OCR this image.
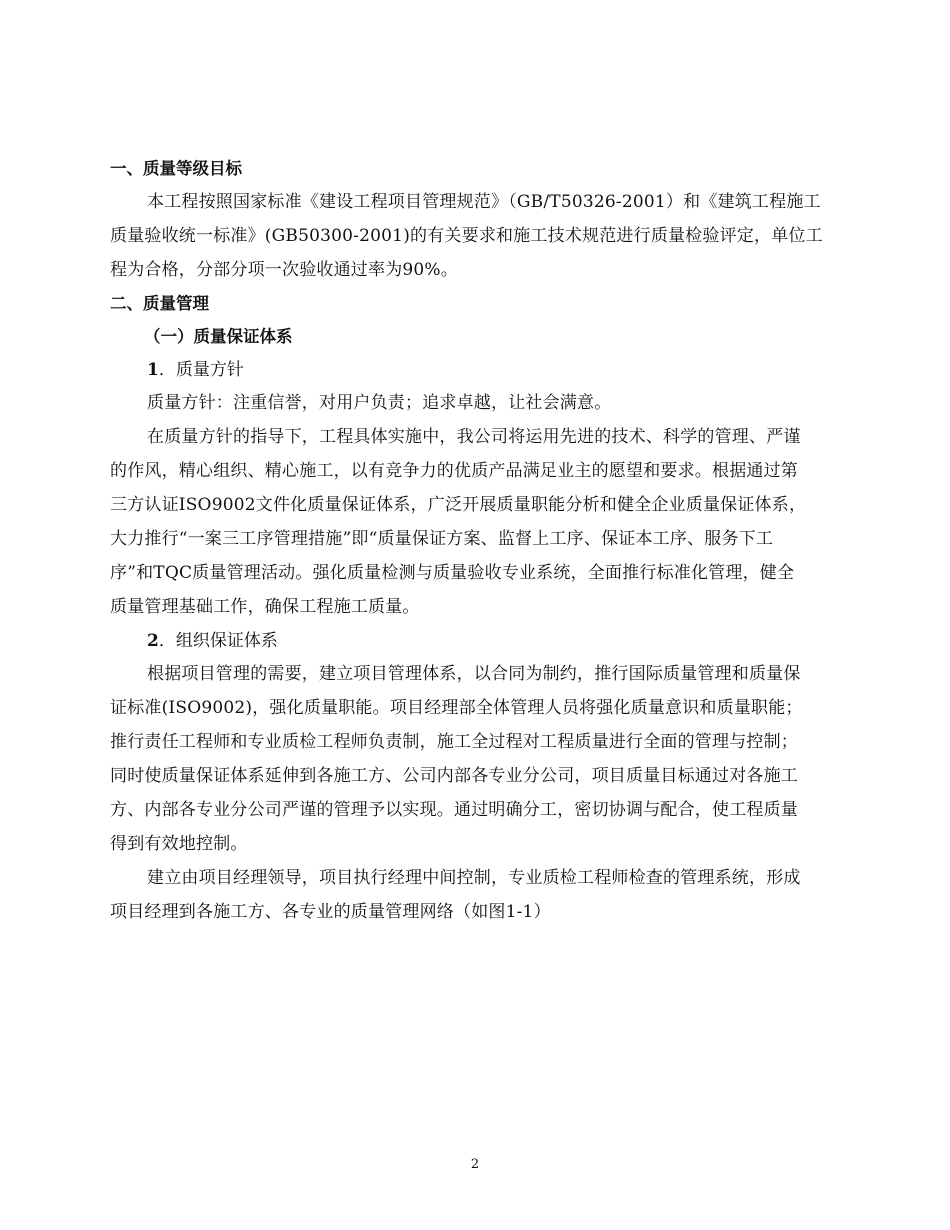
一、质量等级目标
本工程按照国家标准《建设工程项目管理规范》（GB/T50326-2001）和《建筑工程施工
质量验收统一标准》(GB50300-2001)的有关要求和施工技术规范进行质量检验评定，单位工
程为合格，分部分项一次验收通过率为90%。
二、质量管理
（一）质量保证体系
1．质量方针
质量方针：注重信誉，对用户负责；追求卓越，让社会满意。
在质量方针的指导下，工程具体实施中，我公司将运用先进的技术、科学的管理、严谨
的作风，精心组织、精心施工，以有竞争力的优质产品满足业主的愿望和要求。根据通过第
三方认证ISO9002文件化质量保证体系，广泛开展质量职能分析和健全企业质量保证体系，
大力推行“一案三工序管理措施”即“质量保证方案、监督上工序、保证本工序、服务下工
序”和TQC质量管理活动。强化质量检测与质量验收专业系统，全面推行标准化管理，健全
质量管理基础工作，确保工程施工质量。
2．组织保证体系
根据项目管理的需要，建立项目管理体系，以合同为制约，推行国际质量管理和质量保
证标准(ISO9002)，强化质量职能。项目经理部全体管理人员将强化质量意识和质量职能；
推行责任工程师和专业质检工程师负责制，施工全过程对工程质量进行全面的管理与控制；
同时使质量保证体系延伸到各施工方、公司内部各专业分公司，项目质量目标通过对各施工
方、内部各专业分公司严谨的管理予以实现。通过明确分工，密切协调与配合，使工程质量
得到有效地控制。
建立由项目经理领导，项目执行经理中间控制，专业质检工程师检查的管理系统，形成
项目经理到各施工方、各专业的质量管理网络（如图1-1）
2
